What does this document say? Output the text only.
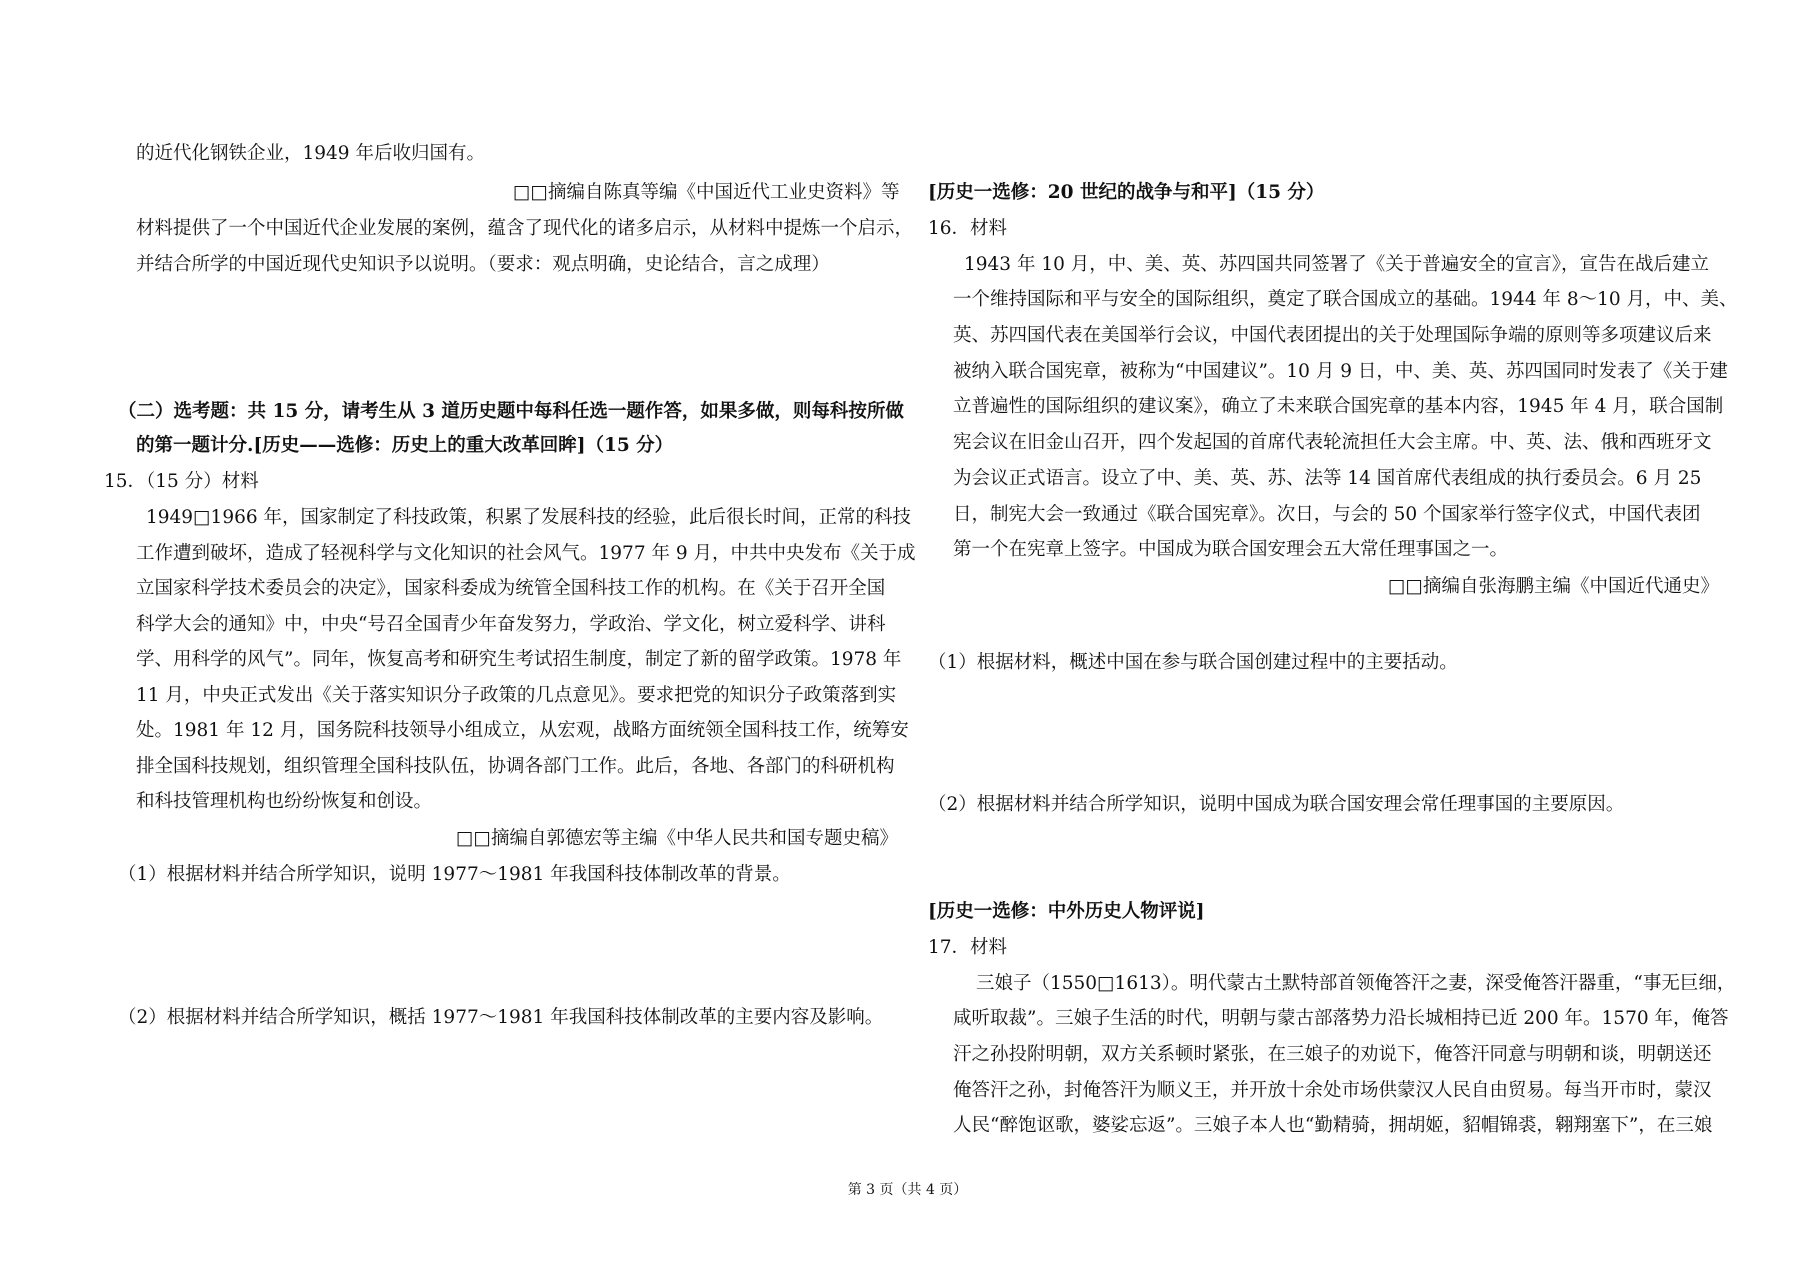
的近代化钢铁企业，1949 年后收归国有。
□□摘编自陈真等编《中国近代工业史资料》等
材料提供了一个中国近代企业发展的案例，蕴含了现代化的诸多启示，从材料中提炼一个启示，
并结合所学的中国近现代史知识予以说明。（要求：观点明确，史论结合，言之成理）
（二）选考题：共 15 分，请考生从 3 道历史题中每科任选一题作答，如果多做，则每科按所做
的第一题计分.[历史——选修：历史上的重大改革回眸]（15 分）
15．（15 分）材料
1949□1966 年，国家制定了科技政策，积累了发展科技的经验，此后很长时间，正常的科技
工作遭到破坏，造成了轻视科学与文化知识的社会风气。1977 年 9 月，中共中央发布《关于成
立国家科学技术委员会的决定》，国家科委成为统管全国科技工作的机构。在《关于召开全国
科学大会的通知》中，中央“号召全国青少年奋发努力，学政治、学文化，树立爱科学、讲科
学、用科学的风气”。同年，恢复高考和研究生考试招生制度，制定了新的留学政策。1978 年
11 月，中央正式发出《关于落实知识分子政策的几点意见》。要求把党的知识分子政策落到实
处。1981 年 12 月，国务院科技领导小组成立，从宏观，战略方面统领全国科技工作，统筹安
排全国科技规划，组织管理全国科技队伍，协调各部门工作。此后，各地、各部门的科研机构
和科技管理机构也纷纷恢复和创设。
□□摘编自郭德宏等主编《中华人民共和国专题史稿》
（1）根据材料并结合所学知识，说明 1977～1981 年我国科技体制改革的背景。
（2）根据材料并结合所学知识，概括 1977～1981 年我国科技体制改革的主要内容及影响。
[历史一选修：20 世纪的战争与和平]（15 分）
16．材料
1943 年 10 月，中、美、英、苏四国共同签署了《关于普遍安全的宣言》，宣告在战后建立
一个维持国际和平与安全的国际组织，奠定了联合国成立的基础。1944 年 8～10 月，中、美、
英、苏四国代表在美国举行会议，中国代表团提出的关于处理国际争端的原则等多项建议后来
被纳入联合国宪章，被称为“中国建议”。10 月 9 日，中、美、英、苏四国同时发表了《关于建
立普遍性的国际组织的建议案》，确立了未来联合国宪章的基本内容，1945 年 4 月，联合国制
宪会议在旧金山召开，四个发起国的首席代表轮流担任大会主席。中、英、法、俄和西班牙文
为会议正式语言。设立了中、美、英、苏、法等 14 国首席代表组成的执行委员会。6 月 25
日，制宪大会一致通过《联合国宪章》。次日，与会的 50 个国家举行签字仪式，中国代表团
第一个在宪章上签字。中国成为联合国安理会五大常任理事国之一。
□□摘编自张海鹏主编《中国近代通史》
（1）根据材料，概述中国在参与联合国创建过程中的主要括动。
（2）根据材料并结合所学知识，说明中国成为联合国安理会常任理事国的主要原因。
[历史一选修：中外历史人物评说]
17．材料
三娘子（1550□1613）。明代蒙古土默特部首领俺答汗之妻，深受俺答汗器重，“事无巨细，
咸听取裁”。三娘子生活的时代，明朝与蒙古部落势力沿长城相持已近 200 年。1570 年，俺答
汗之孙投附明朝，双方关系顿时紧张，在三娘子的劝说下，俺答汗同意与明朝和谈，明朝送还
俺答汗之孙，封俺答汗为顺义王，并开放十余处市场供蒙汉人民自由贸易。每当开市时，蒙汉
人民“醉饱讴歌，婆娑忘返”。三娘子本人也“勤精骑，拥胡姬，貂帽锦裘，翱翔塞下”，在三娘
第 3 页（共 4 页）
